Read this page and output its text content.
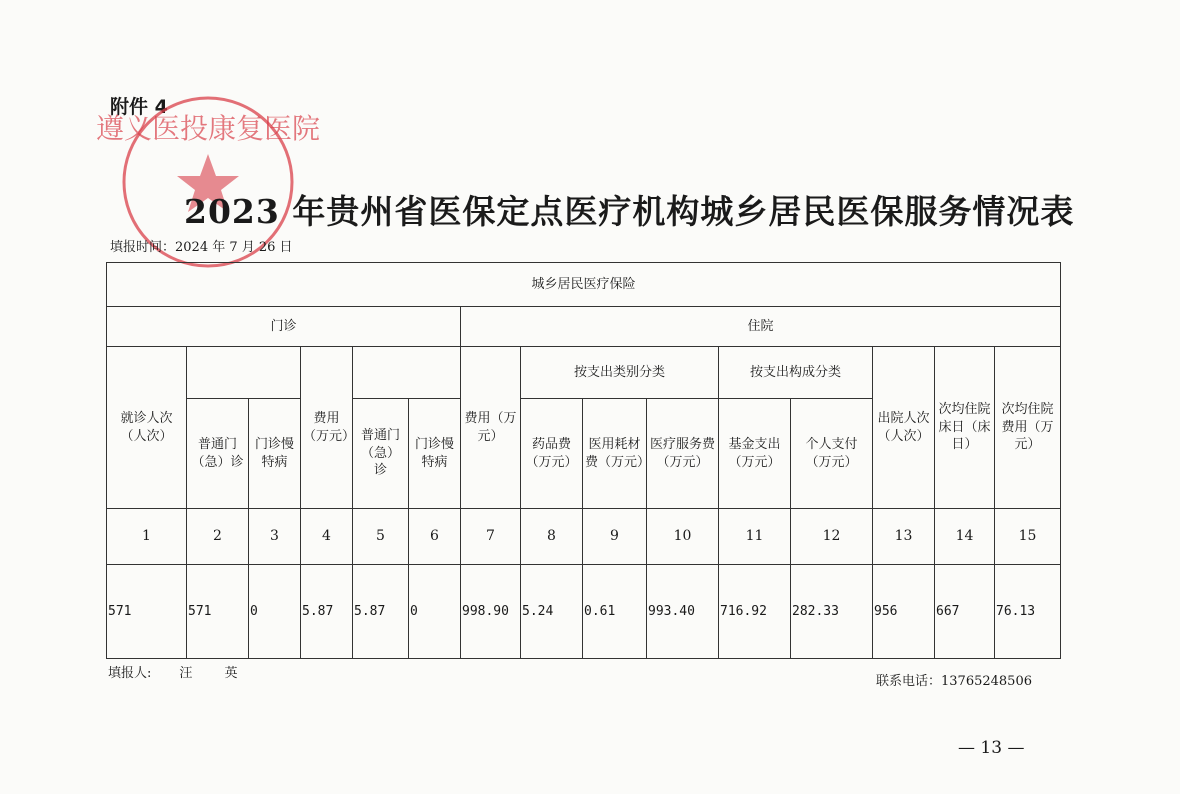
附件 4
遵义医投康复医院
2023 年贵州省医保定点医疗机构城乡居民医保服务情况表
填报时间：2024 年 7 月 26 日
城乡居民医疗保险														
门诊						住院								
就诊人次（人次）			费用（万元）			费用（万元）	按支出类别分类			按支出构成分类		出院人次（人次）	次均住院床日（床日）	次均住院费用（万元）
	普通门（急）诊	门诊慢特病		普通门（急）诊	门诊慢特病		药品费（万元）	医用耗材费（万元）	医疗服务费（万元）	基金支出（万元）	个人支付（万元）			
1	2	3	4	5	6	7	8	9	10	11	12	13	14	15
571	571	0	5.87	5.87	0	998.90	5.24	0.61	993.40	716.92	282.33	956	667	76.13
填报人: 汪 英
联系电话：13765248506
— 13 —
